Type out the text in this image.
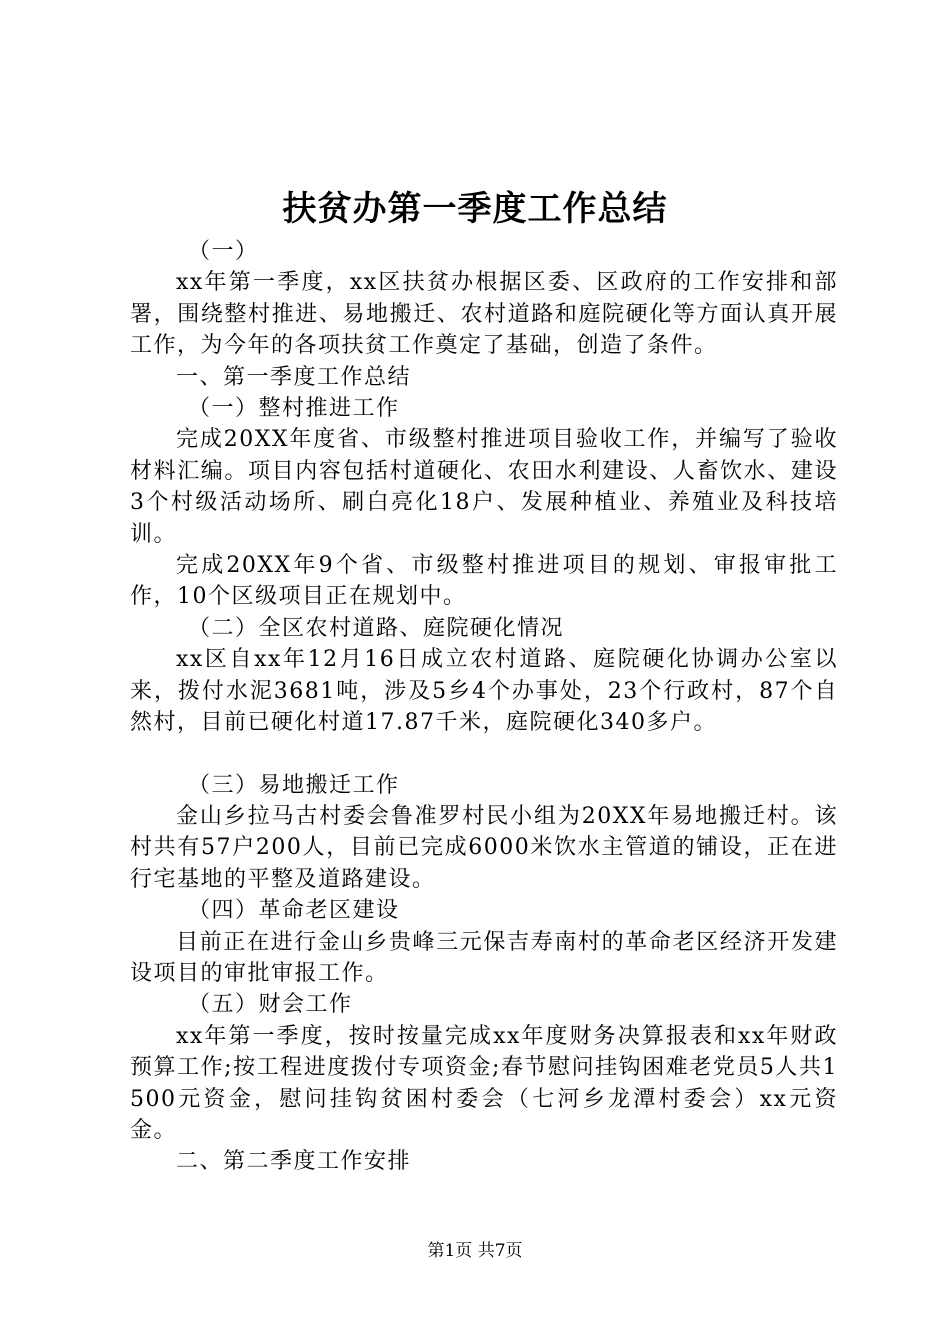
扶贫办第一季度工作总结

（一）

xx年第一季度，xx区扶贫办根据区委、区政府的工作安排和部署，围绕整村推进、易地搬迁、农村道路和庭院硬化等方面认真开展工作，为今年的各项扶贫工作奠定了基础，创造了条件。

一、第一季度工作总结

（一）整村推进工作

完成20XX年度省、市级整村推进项目验收工作，并编写了验收材料汇编。项目内容包括村道硬化、农田水利建设、人畜饮水、建设3个村级活动场所、刷白亮化18户、发展种植业、养殖业及科技培训。

完成20XX年9个省、市级整村推进项目的规划、审报审批工作，10个区级项目正在规划中。

（二）全区农村道路、庭院硬化情况

xx区自xx年12月16日成立农村道路、庭院硬化协调办公室以来，拨付水泥3681吨，涉及5乡4个办事处，23个行政村，87个自然村，目前已硬化村道17.87千米，庭院硬化340多户。

（三）易地搬迁工作

金山乡拉马古村委会鲁准罗村民小组为20XX年易地搬迁村。该村共有57户200人，目前已完成6000米饮水主管道的铺设，正在进行宅基地的平整及道路建设。

（四）革命老区建设

目前正在进行金山乡贵峰三元保吉寿南村的革命老区经济开发建设项目的审批审报工作。

（五）财会工作

xx年第一季度，按时按量完成xx年度财务决算报表和xx年财政预算工作;按工程进度拨付专项资金;春节慰问挂钩困难老党员5人共1500元资金，慰问挂钩贫困村委会（七河乡龙潭村委会）xx元资金。

二、第二季度工作安排

第1页 共7页
